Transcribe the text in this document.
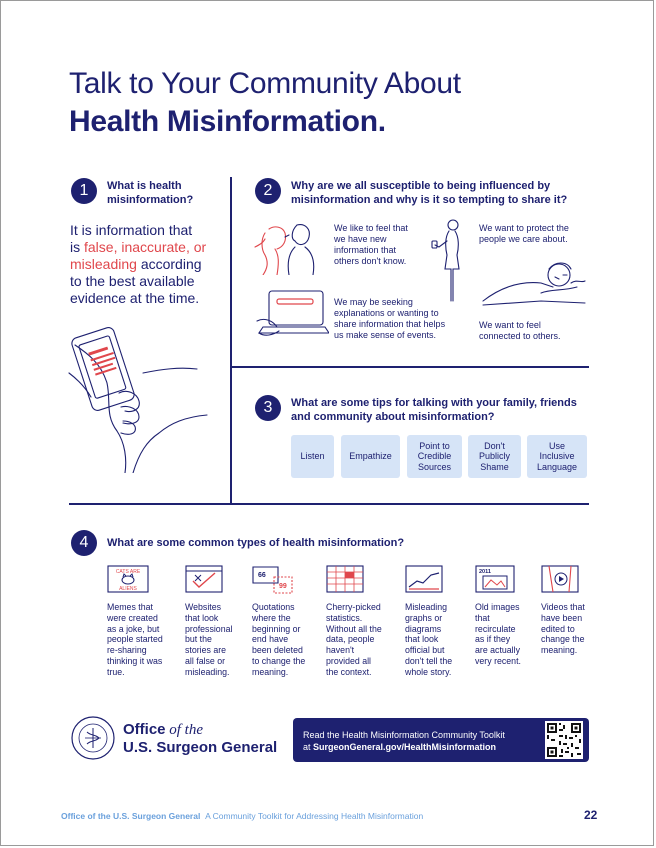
Talk to Your Community About
Health Misinformation.
1	What is health
misinformation?
It is information that
is false, inaccurate, or
misleading according
to the best available
evidence at the time.
2	Why are we all susceptible to being influenced by
misinformation and why is it so tempting to share it?
We like to feel that
we have new
information that
others don't know.
We want to protect the
people we care about.
We may be seeking
explanations or wanting to
share information that helps
us make sense of events.
We want to feel
connected to others.
3	What are some tips for talking with your family, friends
and community about misinformation?
Listen	Empathize
Point to
Credible
Sources
Don't
Publicly
Shame
Use
Inclusive
Language
4	What are some common types of health misinformation?
CATS ARE
ALIENS
66
99
2011
Memes that
were created
as a joke, but
people started
re-sharing
thinking it was
true.
Websites
that look
professional
but the
stories are
all false or
misleading.
Quotations
where the
beginning or
end have
been deleted
to change the
meaning.
Cherry-picked
statistics.
Without all the
data, people
haven't
provided all
the context.
Misleading
graphs or
diagrams
that look
official but
don't tell the
whole story.
Old images
that
recirculate
as if they
are actually
very recent.
Videos that
have been
edited to
change the
meaning.
Office of the
U.S. Surgeon General
Read the Health Misinformation Community Toolkit
at SurgeonGeneral.gov/HealthMisinformation
Office of the U.S. Surgeon General A Community Toolkit for Addressing Health Misinformation	22
